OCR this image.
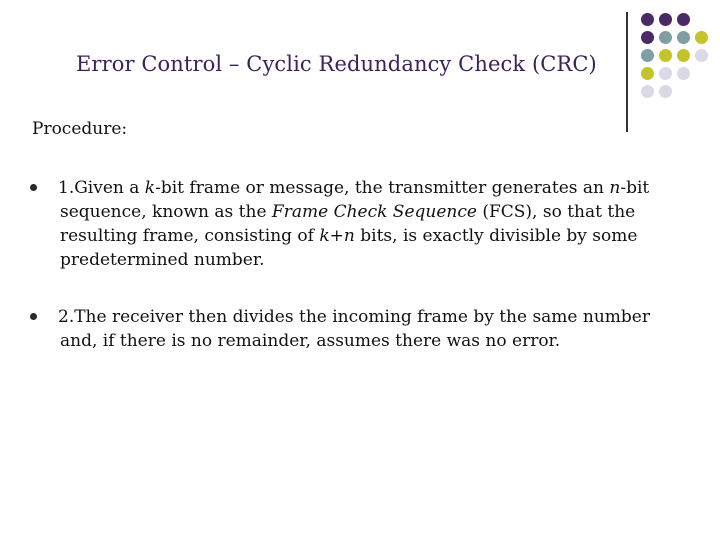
Error Control – Cyclic Redundancy Check (CRC)
Procedure:
1.Given a k-bit frame or message, the transmitter generates an n-bit
sequence, known as the Frame Check Sequence (FCS), so that the
resulting frame, consisting of k+n bits, is exactly divisible by some
predetermined number.
2.The receiver then divides the incoming frame by the same number
and, if there is no remainder, assumes there was no error.
